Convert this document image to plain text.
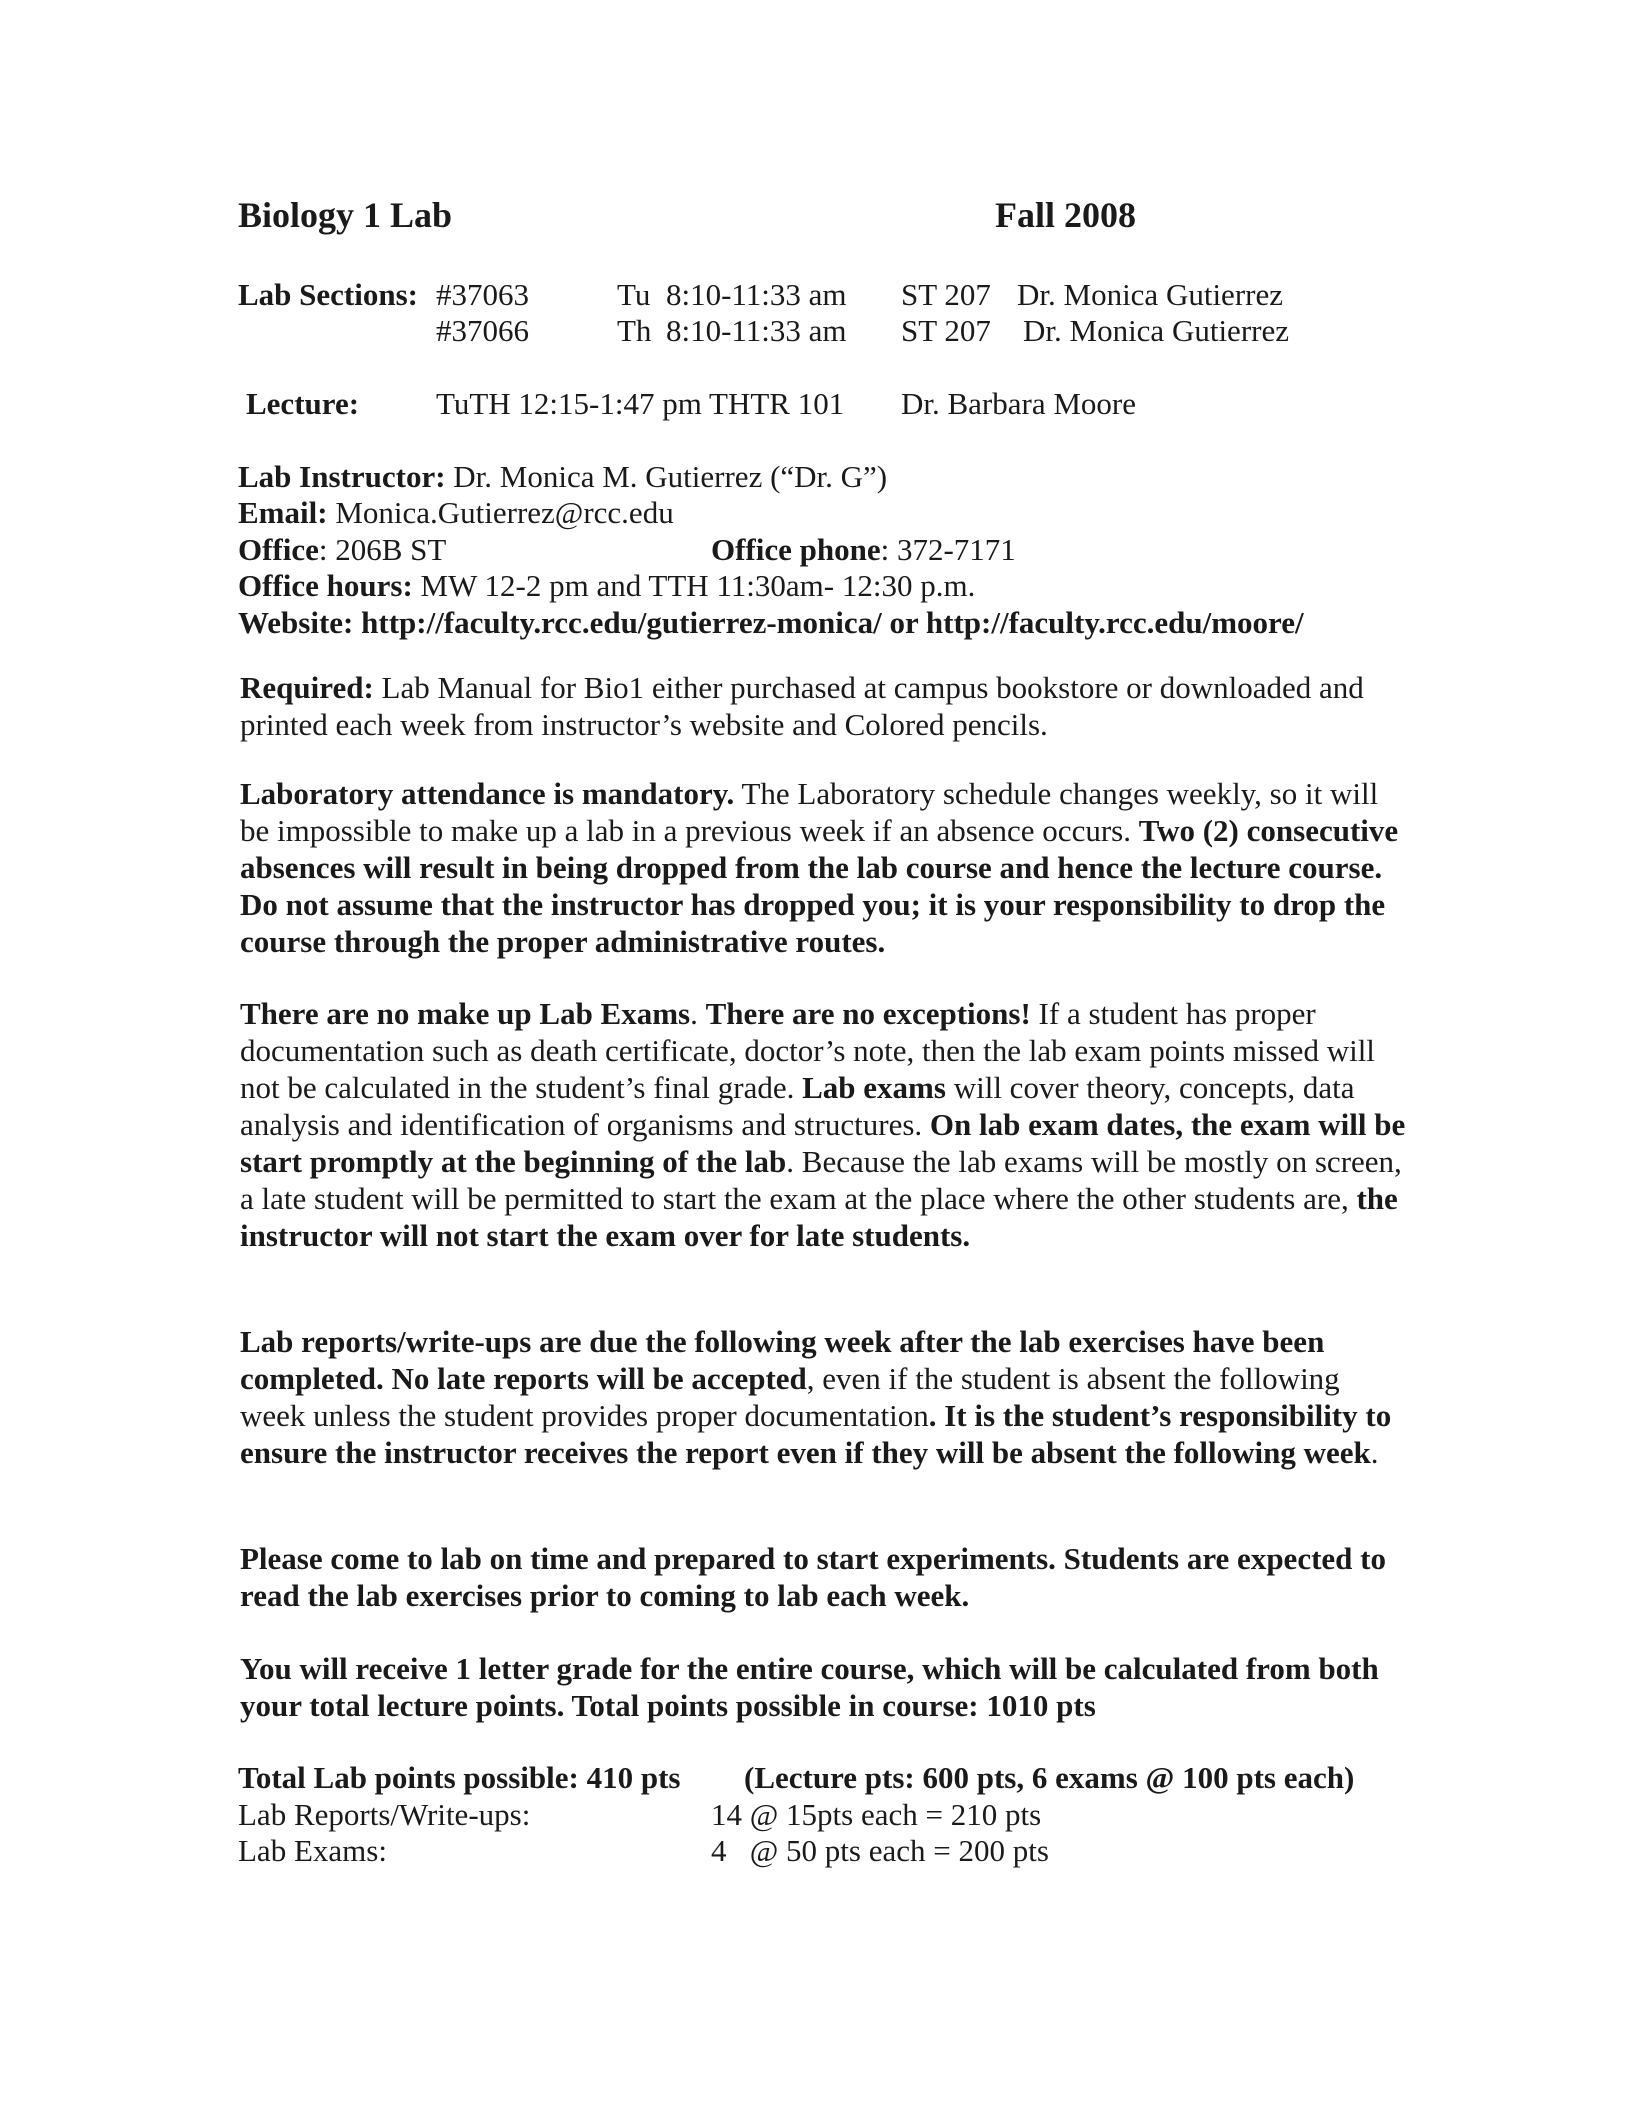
Biology 1 Lab	Fall 2008
Lab Sections: #37063	Tu 8:10-11:33 am ST 207 Dr. Monica Gutierrez
#37066	Th 8:10-11:33 am ST 207 Dr. Monica Gutierrez
Lecture: TuTH 12:15-1:47 pm THTR 101 Dr. Barbara Moore
Lab Instructor: Dr. Monica M. Gutierrez (“Dr. G”)
Email: Monica.Gutierrez@rcc.edu
Office: 206B ST	Office phone: 372-7171
Office hours: MW 12-2 pm and TTH 11:30am- 12:30 p.m.
Website: http://faculty.rcc.edu/gutierrez-monica/ or http://faculty.rcc.edu/moore/
Required: Lab Manual for Bio1 either purchased at campus bookstore or downloaded and printed each week from instructor’s website and Colored pencils.
Laboratory attendance is mandatory. The Laboratory schedule changes weekly, so it will be impossible to make up a lab in a previous week if an absence occurs. Two (2) consecutive absences will result in being dropped from the lab course and hence the lecture course. Do not assume that the instructor has dropped you; it is your responsibility to drop the course through the proper administrative routes.
There are no make up Lab Exams. There are no exceptions! If a student has proper documentation such as death certificate, doctor’s note, then the lab exam points missed will not be calculated in the student’s final grade. Lab exams will cover theory, concepts, data analysis and identification of organisms and structures. On lab exam dates, the exam will be start promptly at the beginning of the lab. Because the lab exams will be mostly on screen, a late student will be permitted to start the exam at the place where the other students are, the instructor will not start the exam over for late students.
Lab reports/write-ups are due the following week after the lab exercises have been completed. No late reports will be accepted, even if the student is absent the following week unless the student provides proper documentation. It is the student’s responsibility to ensure the instructor receives the report even if they will be absent the following week.
Please come to lab on time and prepared to start experiments. Students are expected to read the lab exercises prior to coming to lab each week.
You will receive 1 letter grade for the entire course, which will be calculated from both your total lecture points. Total points possible in course: 1010 pts
Total Lab points possible: 410 pts (Lecture pts: 600 pts, 6 exams @ 100 pts each)
Lab Reports/Write-ups:	14 @ 15pts each = 210 pts
Lab Exams:	4   @ 50 pts each = 200 pts
